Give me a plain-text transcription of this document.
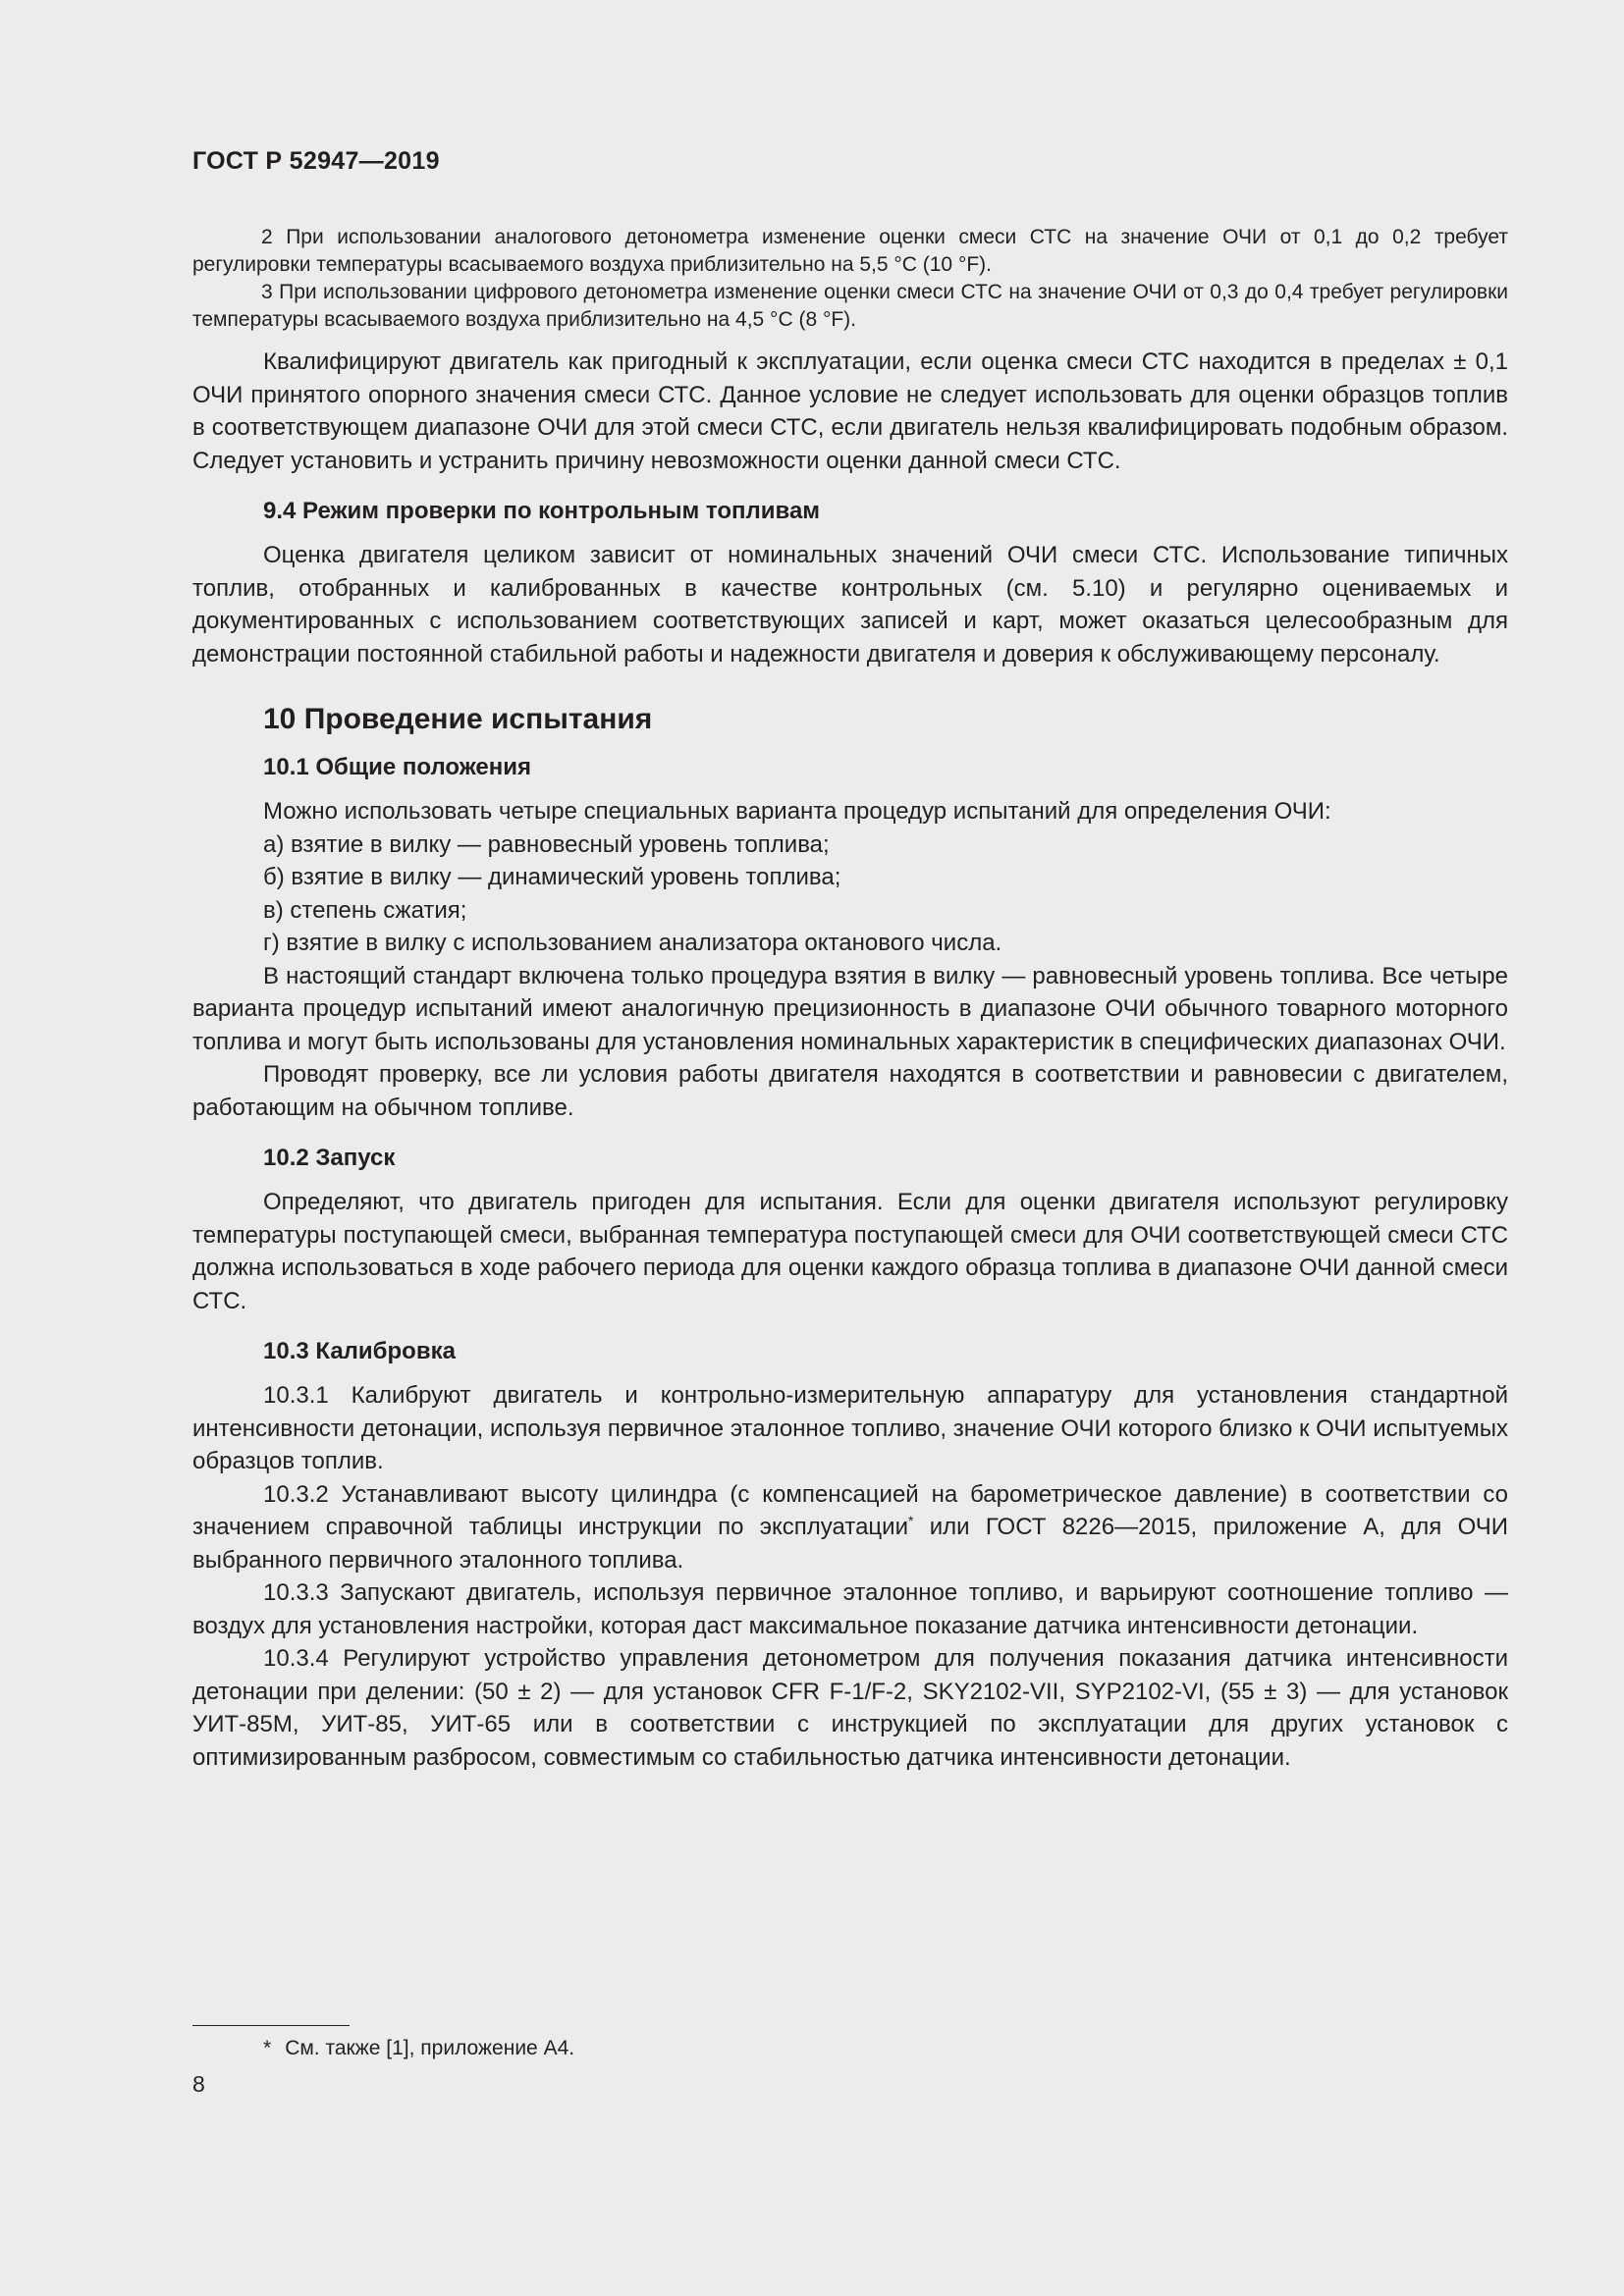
ГОСТ Р 52947—2019

2 При использовании аналогового детонометра изменение оценки смеси СТС на значение ОЧИ от 0,1 до 0,2 требует регулировки температуры всасываемого воздуха приблизительно на 5,5 °C (10 °F).

3 При использовании цифрового детонометра изменение оценки смеси СТС на значение ОЧИ от 0,3 до 0,4 требует регулировки температуры всасываемого воздуха приблизительно на 4,5 °C (8 °F).

Квалифицируют двигатель как пригодный к эксплуатации, если оценка смеси СТС находится в пределах ± 0,1 ОЧИ принятого опорного значения смеси СТС. Данное условие не следует использовать для оценки образцов топлив в соответствующем диапазоне ОЧИ для этой смеси СТС, если двигатель нельзя квалифицировать подобным образом. Следует установить и устранить причину невозможности оценки данной смеси СТС.

9.4 Режим проверки по контрольным топливам

Оценка двигателя целиком зависит от номинальных значений ОЧИ смеси СТС. Использование типичных топлив, отобранных и калиброванных в качестве контрольных (см. 5.10) и регулярно оцениваемых и документированных с использованием соответствующих записей и карт, может оказаться целесообразным для демонстрации постоянной стабильной работы и надежности двигателя и доверия к обслуживающему персоналу.

10 Проведение испытания
10.1 Общие положения

Можно использовать четыре специальных варианта процедур испытаний для определения ОЧИ:

а) взятие в вилку — равновесный уровень топлива;

б) взятие в вилку — динамический уровень топлива;

в) степень сжатия;

г) взятие в вилку с использованием анализатора октанового числа.

В настоящий стандарт включена только процедура взятия в вилку — равновесный уровень топлива. Все четыре варианта процедур испытаний имеют аналогичную прецизионность в диапазоне ОЧИ обычного товарного моторного топлива и могут быть использованы для установления номинальных характеристик в специфических диапазонах ОЧИ.

Проводят проверку, все ли условия работы двигателя находятся в соответствии и равновесии с двигателем, работающим на обычном топливе.

10.2 Запуск

Определяют, что двигатель пригоден для испытания. Если для оценки двигателя используют регулировку температуры поступающей смеси, выбранная температура поступающей смеси для ОЧИ соответствующей смеси СТС должна использоваться в ходе рабочего периода для оценки каждого образца топлива в диапазоне ОЧИ данной смеси СТС.

10.3 Калибровка

10.3.1 Калибруют двигатель и контрольно-измерительную аппаратуру для установления стандартной интенсивности детонации, используя первичное эталонное топливо, значение ОЧИ которого близко к ОЧИ испытуемых образцов топлив.

10.3.2 Устанавливают высоту цилиндра (с компенсацией на барометрическое давление) в соответствии со значением справочной таблицы инструкции по эксплуатации* или ГОСТ 8226—2015, приложение А, для ОЧИ выбранного первичного эталонного топлива.

10.3.3 Запускают двигатель, используя первичное эталонное топливо, и варьируют соотношение топливо — воздух для установления настройки, которая даст максимальное показание датчика интенсивности детонации.

10.3.4 Регулируют устройство управления детонометром для получения показания датчика интенсивности детонации при делении: (50 ± 2) — для установок CFR F-1/F-2, SKY2102-VII, SYP2102-VI, (55 ± 3) — для установок УИТ-85М, УИТ-85, УИТ-65 или в соответствии с инструкцией по эксплуатации для других установок с оптимизированным разбросом, совместимым со стабильностью датчика интенсивности детонации.

* См. также [1], приложение А4.
8
